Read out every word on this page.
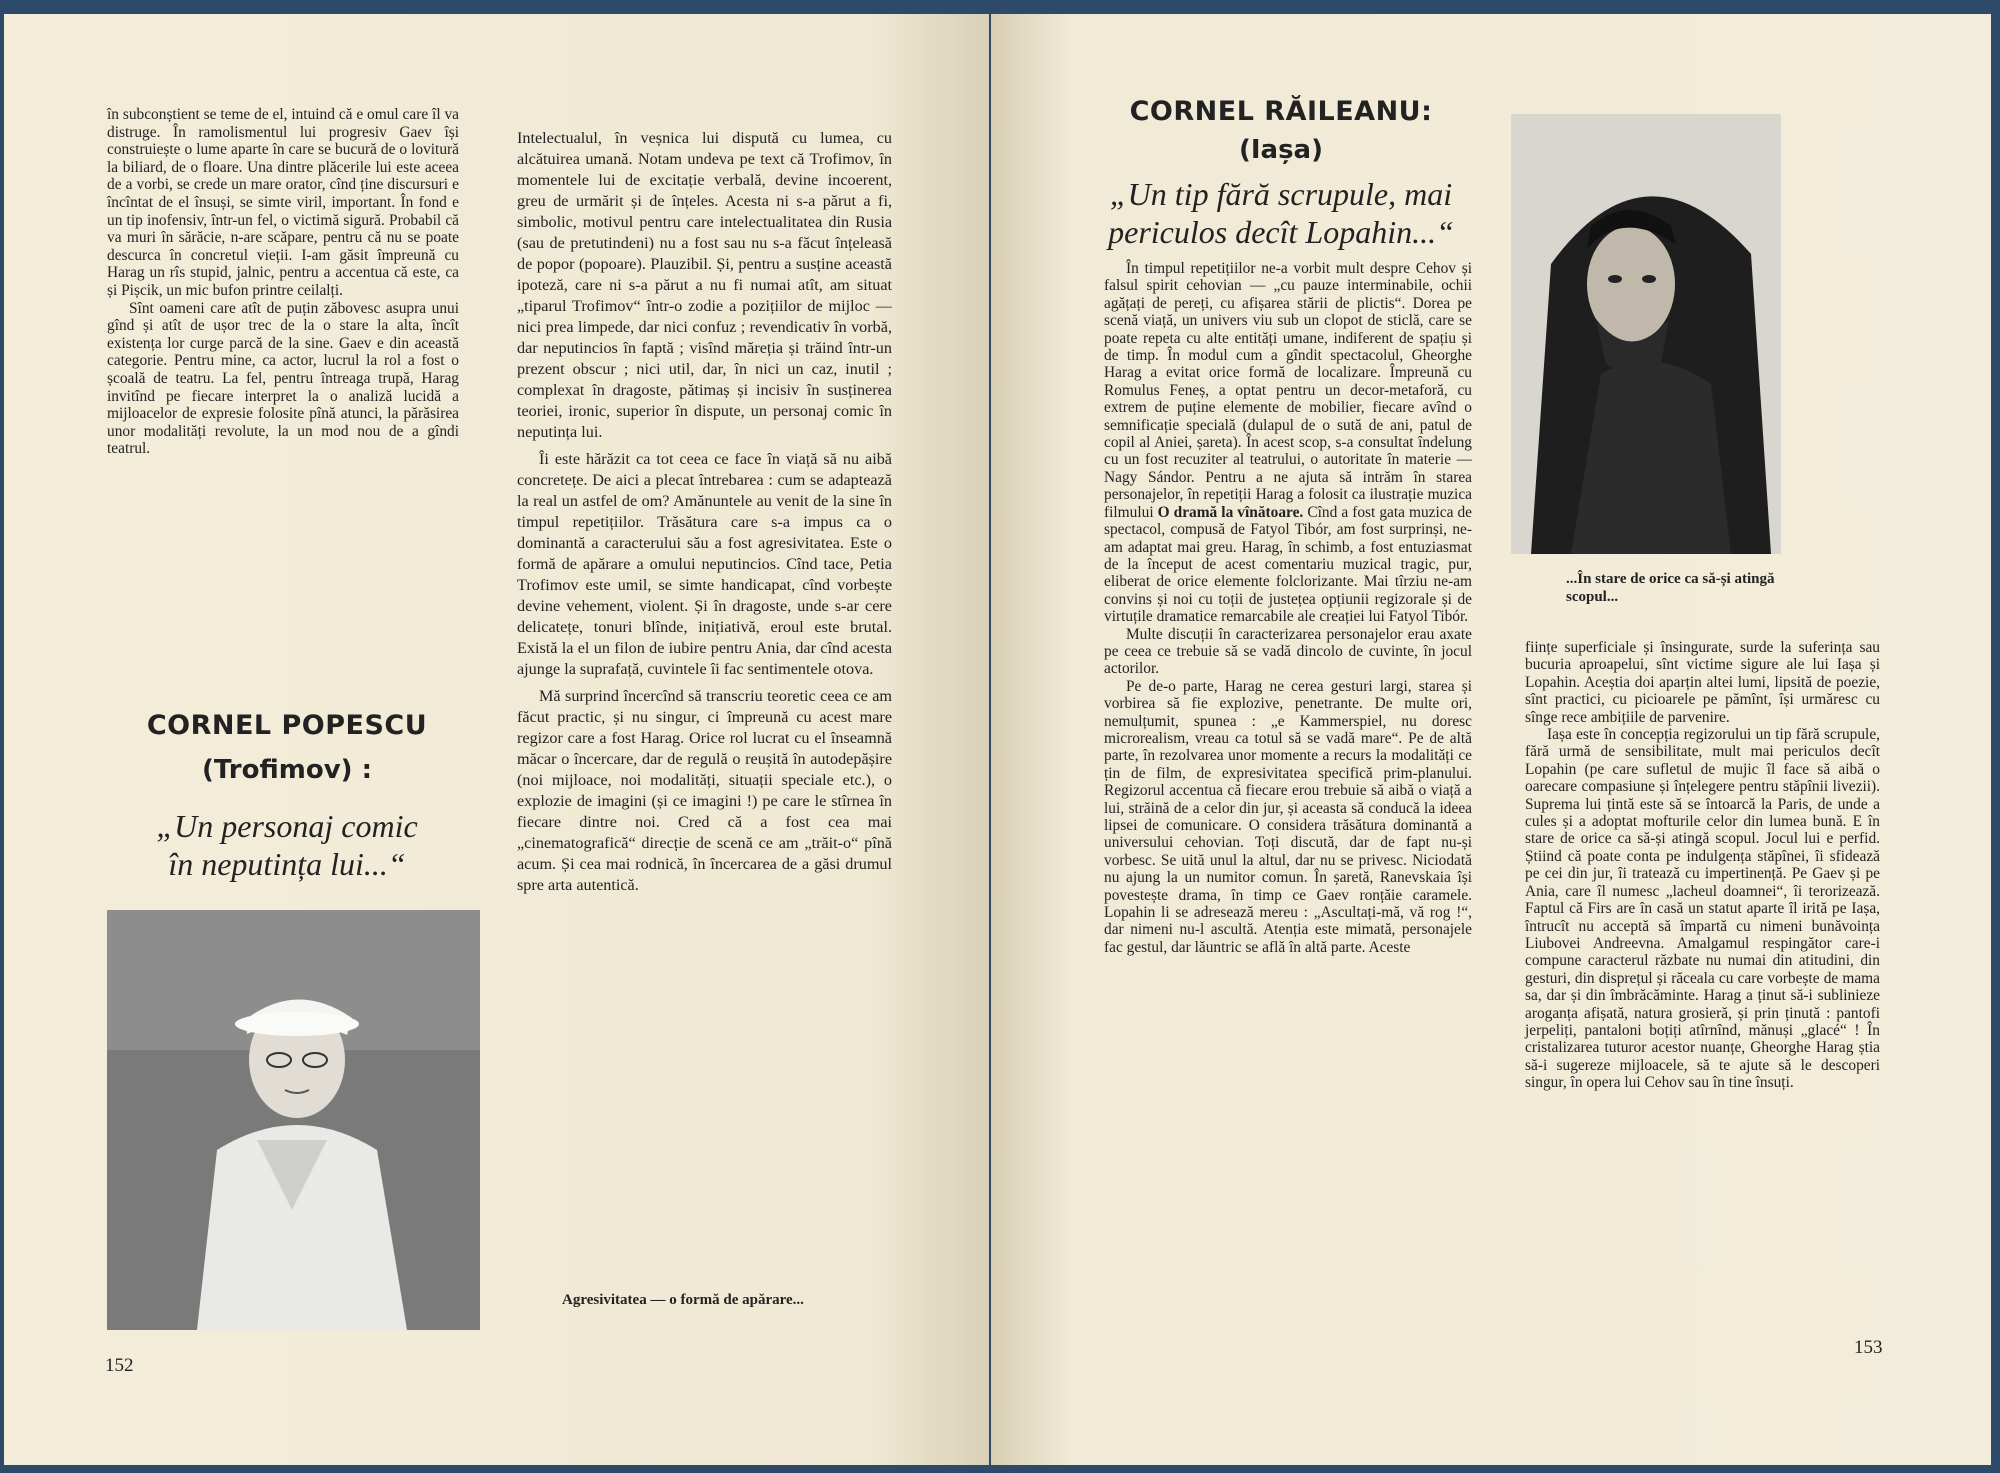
în subconștient se teme de el, intuind că e omul care îl va distruge. În ramolismentul lui progresiv Gaev își construiește o lume aparte în care se bucură de o lovitură la biliard, de o floare. Una dintre plăcerile lui este aceea de a vorbi, se crede un mare orator, cînd ține discursuri e încîntat de el însuși, se simte viril, important. În fond e un tip inofensiv, într-un fel, o victimă sigură. Probabil că va muri în sărăcie, n-are scăpare, pentru că nu se poate descurca în concretul vieții. I-am găsit împreună cu Harag un rîs stupid, jalnic, pentru a accentua că este, ca și Pișcik, un mic bufon printre ceilalți.

Sînt oameni care atît de puțin zăbovesc asupra unui gînd și atît de ușor trec de la o stare la alta, încît existența lor curge parcă de la sine. Gaev e din această categorie. Pentru mine, ca actor, lucrul la rol a fost o școală de teatru. La fel, pentru întreaga trupă, Harag invitînd pe fiecare interpret la o analiză lucidă a mijloacelor de expresie folosite pînă atunci, la părăsirea unor modalități revolute, la un mod nou de a gîndi teatrul.

CORNEL POPESCU
(Trofimov) :
„Un personaj comic
în neputința lui...“

Intelectualul, în veșnica lui dispută cu lumea, cu alcătuirea umană. Notam undeva pe text că Trofimov, în momentele lui de excitație verbală, devine incoerent, greu de urmărit și de înțeles. Acesta ni s-a părut a fi, simbolic, motivul pentru care intelectualitatea din Rusia (sau de pretutindeni) nu a fost sau nu s-a făcut înțeleasă de popor (popoare). Plauzibil. Și, pentru a susține această ipoteză, care ni s-a părut a nu fi numai atît, am situat „tiparul Trofimov“ într-o zodie a pozițiilor de mijloc — nici prea limpede, dar nici confuz ; revendicativ în vorbă, dar neputincios în faptă ; visînd măreția și trăind într-un prezent obscur ; nici util, dar, în nici un caz, inutil ; complexat în dragoste, pătimaș și incisiv în susținerea teoriei, ironic, superior în dispute, un personaj comic în neputința lui.

Îi este hărăzit ca tot ceea ce face în viață să nu aibă concretețe. De aici a plecat întrebarea : cum se adaptează la real un astfel de om? Amănuntele au venit de la sine în timpul repetițiilor. Trăsătura care s-a impus ca o dominantă a caracterului său a fost agresivitatea. Este o formă de apărare a omului neputincios. Cînd tace, Petia Trofimov este umil, se simte handicapat, cînd vorbește devine vehement, violent. Și în dragoste, unde s-ar cere delicatețe, tonuri blînde, inițiativă, eroul este brutal. Există la el un filon de iubire pentru Ania, dar cînd acesta ajunge la suprafață, cuvintele îi fac sentimentele otova.

Mă surprind încercînd să transcriu teoretic ceea ce am făcut practic, și nu singur, ci împreună cu acest mare regizor care a fost Harag. Orice rol lucrat cu el înseamnă măcar o încercare, dar de regulă o reușită în autodepășire (noi mijloace, noi modalități, situații speciale etc.), o explozie de imagini (și ce imagini !) pe care le stîrnea în fiecare dintre noi. Cred că a fost cea mai „cinematografică“ direcție de scenă ce am „trăit-o“ pînă acum. Și cea mai rodnică, în încercarea de a găsi drumul spre arta autentică.

Agresivitatea — o formă de apărare...
152
CORNEL RĂILEANU:
(Iașa)
„Un tip fără scrupule, mai
periculos decît Lopahin...“

În timpul repetițiilor ne-a vorbit mult despre Cehov și falsul spirit cehovian — „cu pauze interminabile, ochii agățați de pereți, cu afișarea stării de plictis“. Dorea pe scenă viață, un univers viu sub un clopot de sticlă, care se poate repeta cu alte entități umane, indiferent de spațiu și de timp. În modul cum a gîndit spectacolul, Gheorghe Harag a evitat orice formă de localizare. Împreună cu Romulus Feneș, a optat pentru un decor-metaforă, cu extrem de puține elemente de mobilier, fiecare avînd o semnificație specială (dulapul de o sută de ani, patul de copil al Aniei, șareta). În acest scop, s-a consultat îndelung cu un fost recuziter al teatrului, o autoritate în materie — Nagy Sándor. Pentru a ne ajuta să intrăm în starea personajelor, în repetiții Harag a folosit ca ilustrație muzica filmului O dramă la vînătoare. Cînd a fost gata muzica de spectacol, compusă de Fatyol Tibór, am fost surprinși, ne-am adaptat mai greu. Harag, în schimb, a fost entuziasmat de la început de acest comentariu muzical tragic, pur, eliberat de orice elemente folclorizante. Mai tîrziu ne-am convins și noi cu toții de justețea opțiunii regizorale și de virtuțile dramatice remarcabile ale creației lui Fatyol Tibór.

Multe discuții în caracterizarea personajelor erau axate pe ceea ce trebuie să se vadă dincolo de cuvinte, în jocul actorilor.

Pe de-o parte, Harag ne cerea gesturi largi, starea și vorbirea să fie explozive, penetrante. De multe ori, nemulțumit, spunea : „e Kammerspiel, nu doresc microrealism, vreau ca totul să se vadă mare“. Pe de altă parte, în rezolvarea unor momente a recurs la modalități ce țin de film, de expresivitatea specifică prim-planului. Regizorul accentua că fiecare erou trebuie să aibă o viață a lui, străină de a celor din jur, și aceasta să conducă la ideea lipsei de comunicare. O considera trăsătura dominantă a universului cehovian. Toți discută, dar de fapt nu-și vorbesc. Se uită unul la altul, dar nu se privesc. Niciodată nu ajung la un numitor comun. În șaretă, Ranevskaia își povestește drama, în timp ce Gaev ronțăie caramele. Lopahin li se adresează mereu : „Ascultați-mă, vă rog !“, dar nimeni nu-l ascultă. Atenția este mimată, personajele fac gestul, dar lăuntric se află în altă parte. Aceste

...În stare de orice ca să-și atingă scopul...

ființe superficiale și însingurate, surde la suferința sau bucuria aproapelui, sînt victime sigure ale lui Iașa și Lopahin. Aceștia doi aparțin altei lumi, lipsită de poezie, sînt practici, cu picioarele pe pămînt, își urmăresc cu sînge rece ambițiile de parvenire.

Iașa este în concepția regizorului un tip fără scrupule, fără urmă de sensibilitate, mult mai periculos decît Lopahin (pe care sufletul de mujic îl face să aibă o oarecare compasiune și înțelegere pentru stăpînii livezii). Suprema lui țintă este să se întoarcă la Paris, de unde a cules și a adoptat mofturile celor din lumea bună. E în stare de orice ca să-și atingă scopul. Jocul lui e perfid. Știind că poate conta pe indulgența stăpînei, îi sfidează pe cei din jur, îi tratează cu impertinență. Pe Gaev și pe Ania, care îl numesc „lacheul doamnei“, îi terorizează. Faptul că Firs are în casă un statut aparte îl irită pe Iașa, întrucît nu acceptă să împartă cu nimeni bunăvoința Liubovei Andreevna. Amalgamul respingător care-i compune caracterul răzbate nu numai din atitudini, din gesturi, din disprețul și răceala cu care vorbește de mama sa, dar și din îmbrăcăminte. Harag a ținut să-i sublinieze aroganța afișată, natura grosieră, și prin ținută : pantofi jerpeliți, pantaloni boțiți atîrnînd, mănuși „glacé“ ! În cristalizarea tuturor acestor nuanțe, Gheorghe Harag știa să-i sugereze mijloacele, să te ajute să le descoperi singur, în opera lui Cehov sau în tine însuți.

153
